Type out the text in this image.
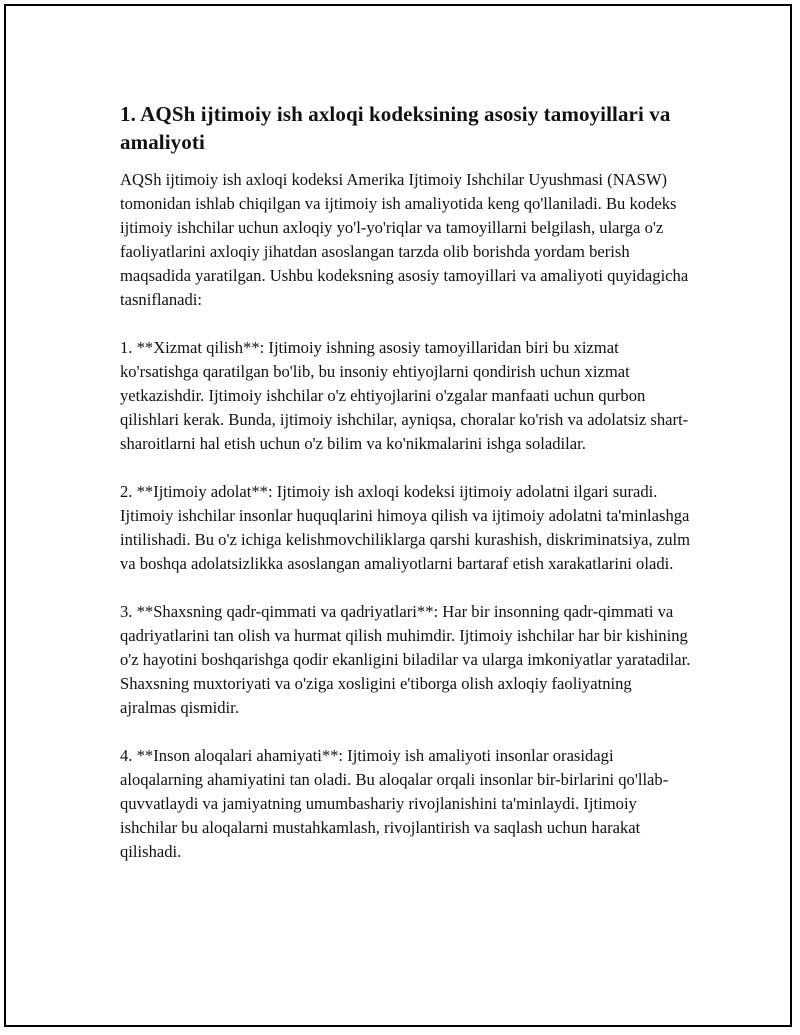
1. AQSh ijtimoiy ish axloqi kodeksining asosiy tamoyillari va amaliyoti

AQSh ijtimoiy ish axloqi kodeksi Amerika Ijtimoiy Ishchilar Uyushmasi (NASW) tomonidan ishlab chiqilgan va ijtimoiy ish amaliyotida keng qo'llaniladi. Bu kodeks ijtimoiy ishchilar uchun axloqiy yo'l-yo'riqlar va tamoyillarni belgilash, ularga o'z faoliyatlarini axloqiy jihatdan asoslangan tarzda olib borishda yordam berish maqsadida yaratilgan. Ushbu kodeksning asosiy tamoyillari va amaliyoti quyidagicha tasniflanadi:

1. **Xizmat qilish**: Ijtimoiy ishning asosiy tamoyillaridan biri bu xizmat ko'rsatishga qaratilgan bo'lib, bu insoniy ehtiyojlarni qondirish uchun xizmat yetkazishdir. Ijtimoiy ishchilar o'z ehtiyojlarini o'zgalar manfaati uchun qurbon qilishlari kerak. Bunda, ijtimoiy ishchilar, ayniqsa, choralar ko'rish va adolatsiz shart-sharoitlarni hal etish uchun o'z bilim va ko'nikmalarini ishga soladilar.

2. **Ijtimoiy adolat**: Ijtimoiy ish axloqi kodeksi ijtimoiy adolatni ilgari suradi. Ijtimoiy ishchilar insonlar huquqlarini himoya qilish va ijtimoiy adolatni ta'minlashga intilishadi. Bu o'z ichiga kelishmovchiliklarga qarshi kurashish, diskriminatsiya, zulm va boshqa adolatsizlikka asoslangan amaliyotlarni bartaraf etish xarakatlarini oladi.

3. **Shaxsning qadr-qimmati va qadriyatlari**: Har bir insonning qadr-qimmati va qadriyatlarini tan olish va hurmat qilish muhimdir. Ijtimoiy ishchilar har bir kishining o'z hayotini boshqarishga qodir ekanligini biladilar va ularga imkoniyatlar yaratadilar. Shaxsning muxtoriyati va o'ziga xosligini e'tiborga olish axloqiy faoliyatning ajralmas qismidir.

4. **Inson aloqalari ahamiyati**: Ijtimoiy ish amaliyoti insonlar orasidagi aloqalarning ahamiyatini tan oladi. Bu aloqalar orqali insonlar bir-birlarini qo'llab-quvvatlaydi va jamiyatning umumbashariy rivojlanishini ta'minlaydi. Ijtimoiy ishchilar bu aloqalarni mustahkamlash, rivojlantirish va saqlash uchun harakat qilishadi.
